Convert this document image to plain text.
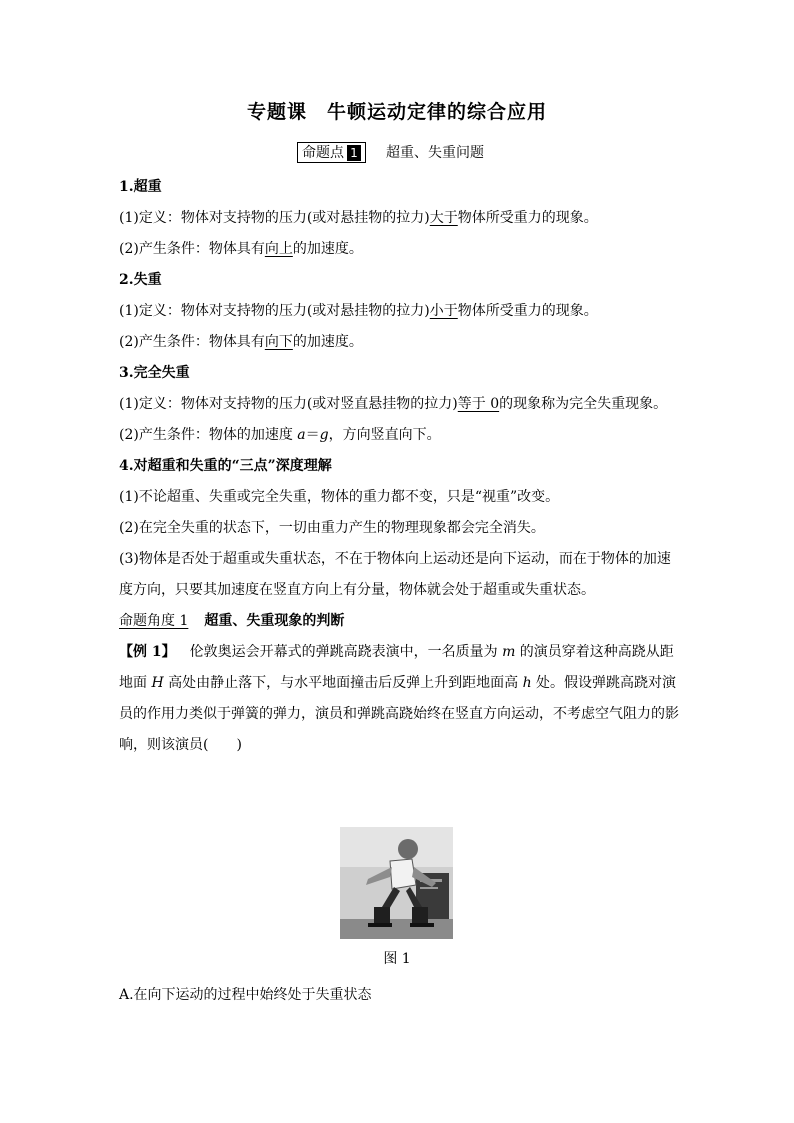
专题课 牛顿运动定律的综合应用
命题点 1 超重、失重问题

1.超重

(1)定义：物体对支持物的压力(或对悬挂物的拉力)大于物体所受重力的现象。

(2)产生条件：物体具有向上的加速度。

2.失重

(1)定义：物体对支持物的压力(或对悬挂物的拉力)小于物体所受重力的现象。

(2)产生条件：物体具有向下的加速度。

3.完全失重

(1)定义：物体对支持物的压力(或对竖直悬挂物的拉力)等于 0的现象称为完全失重现象。

(2)产生条件：物体的加速度 a＝g，方向竖直向下。

4.对超重和失重的“三点”深度理解

(1)不论超重、失重或完全失重，物体的重力都不变，只是“视重”改变。

(2)在完全失重的状态下，一切由重力产生的物理现象都会完全消失。

(3)物体是否处于超重或失重状态，不在于物体向上运动还是向下运动，而在于物体的加速度方向，只要其加速度在竖直方向上有分量，物体就会处于超重或失重状态。

命题角度 1 超重、失重现象的判断

【例 1】 伦敦奥运会开幕式的弹跳高跷表演中，一名质量为 m 的演员穿着这种高跷从距地面 H 高处由静止落下，与水平地面撞击后反弹上升到距地面高 h 处。假设弹跳高跷对演员的作用力类似于弹簧的弹力，演员和弹跳高跷始终在竖直方向运动，不考虑空气阻力的影响，则该演员(　　)

图 1
A.在向下运动的过程中始终处于失重状态
